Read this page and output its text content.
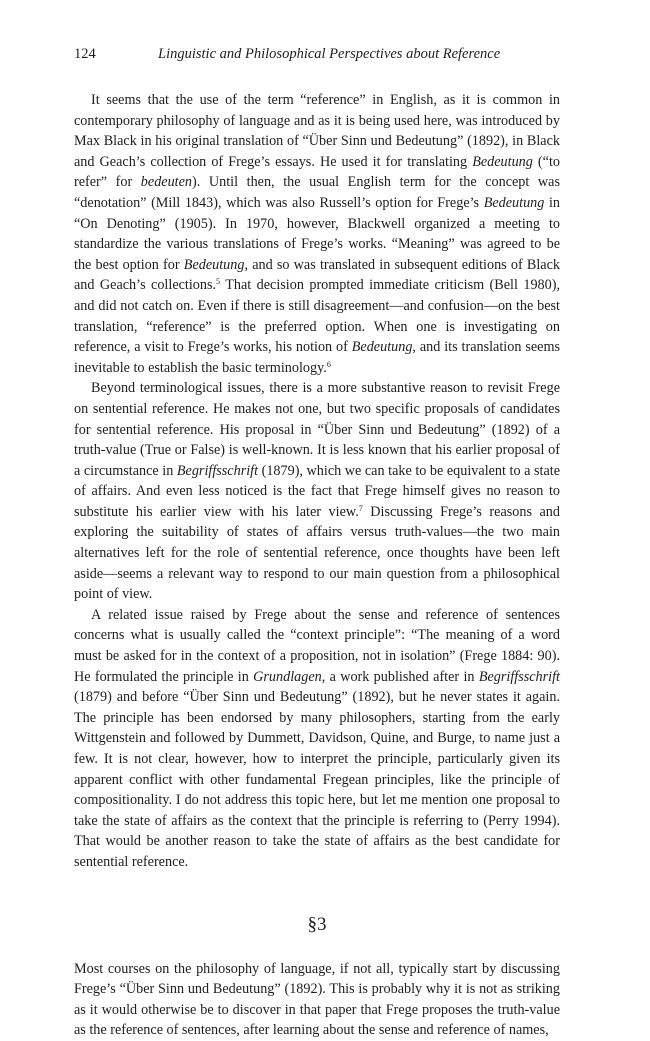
124	Linguistic and Philosophical Perspectives about Reference

It seems that the use of the term “reference” in English, as it is common in contemporary philosophy of language and as it is being used here, was introduced by Max Black in his original translation of “Über Sinn und Bedeutung” (1892), in Black and Geach’s collection of Frege’s essays. He used it for translating Bedeutung (“to refer” for bedeuten). Until then, the usual English term for the concept was “denotation” (Mill 1843), which was also Russell’s option for Frege’s Bedeutung in “On Denoting” (1905). In 1970, however, Blackwell organized a meeting to standardize the various translations of Frege’s works. “Meaning” was agreed to be the best option for Bedeutung, and so was translated in subsequent editions of Black and Geach’s collections.$^5$ That decision prompted immediate criticism (Bell 1980), and did not catch on. Even if there is still disagreement—and confusion—on the best translation, “reference” is the preferred option. When one is investigating on reference, a visit to Frege’s works, his notion of Bedeutung, and its translation seems inevitable to establish the basic terminology.$^6$

Beyond terminological issues, there is a more substantive reason to revisit Frege on sentential reference. He makes not one, but two specific proposals of candidates for sentential reference. His proposal in “Über Sinn und Bedeutung” (1892) of a truth-value (True or False) is well-known. It is less known that his earlier proposal of a circumstance in Begriffsschrift (1879), which we can take to be equivalent to a state of affairs. And even less noticed is the fact that Frege himself gives no reason to substitute his earlier view with his later view.$^7$ Discussing Frege’s reasons and exploring the suitability of states of affairs versus truth-values—the two main alternatives left for the role of sentential reference, once thoughts have been left aside—seems a relevant way to respond to our main question from a philosophical point of view.

A related issue raised by Frege about the sense and reference of sentences concerns what is usually called the “context principle”: “The meaning of a word must be asked for in the context of a proposition, not in isolation” (Frege 1884: 90). He formulated the principle in Grundlagen, a work published after in Begriffsschrift (1879) and before “Über Sinn und Bedeutung” (1892), but he never states it again. The principle has been endorsed by many philosophers, starting from the early Wittgenstein and followed by Dummett, Davidson, Quine, and Burge, to name just a few. It is not clear, however, how to interpret the principle, particularly given its apparent conflict with other fundamental Fregean principles, like the principle of compositionality. I do not address this topic here, but let me mention one proposal to take the state of affairs as the context that the principle is referring to (Perry 1994). That would be another reason to take the state of affairs as the best candidate for sentential reference.

§3

Most courses on the philosophy of language, if not all, typically start by discussing Frege’s “Über Sinn und Bedeutung” (1892). This is probably why it is not as striking as it would otherwise be to discover in that paper that Frege proposes the truth-value as the reference of sentences, after learning about the sense and reference of names,
